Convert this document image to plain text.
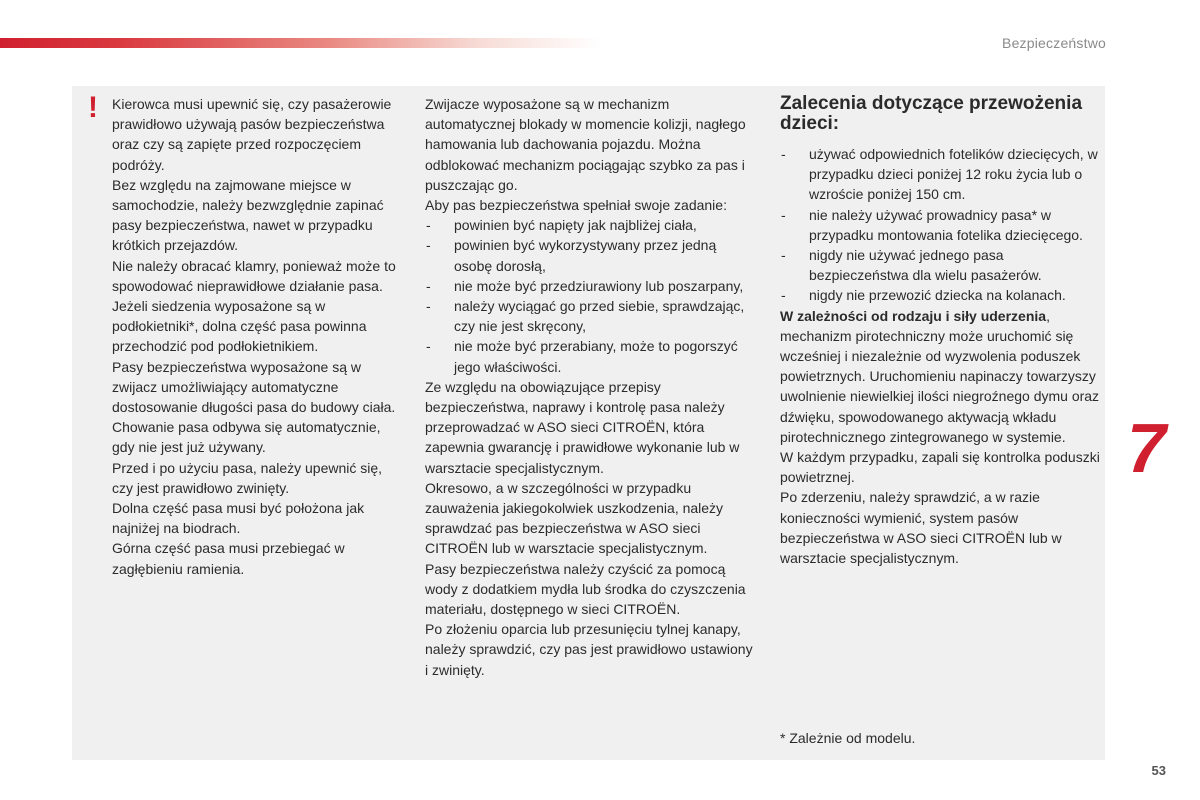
Bezpieczeństwo
! Kierowca musi upewnić się, czy pasażerowie prawidłowo używają pasów bezpieczeństwa oraz czy są zapięte przed rozpoczęciem podróży.

Bez względu na zajmowane miejsce w samochodzie, należy bezwzględnie zapinać pasy bezpieczeństwa, nawet w przypadku krótkich przejazdów.

Nie należy obracać klamry, ponieważ może to spowodować nieprawidłowe działanie pasa.

Jeżeli siedzenia wyposażone są w podłokietniki*, dolna część pasa powinna przechodzić pod podłokietnikiem.

Pasy bezpieczeństwa wyposażone są w zwijacz umożliwiający automatyczne dostosowanie długości pasa do budowy ciała. Chowanie pasa odbywa się automatycznie, gdy nie jest już używany.

Przed i po użyciu pasa, należy upewnić się, czy jest prawidłowo zwinięty.

Dolna część pasa musi być położona jak najniżej na biodrach.

Górna część pasa musi przebiegać w zagłębieniu ramienia.

Zwijacze wyposażone są w mechanizm automatycznej blokady w momencie kolizji, nagłego hamowania lub dachowania pojazdu. Można odblokować mechanizm pociągając szybko za pas i puszczając go.

Aby pas bezpieczeństwa spełniał swoje zadanie:

- powinien być napięty jak najbliżej ciała,
- powinien być wykorzystywany przez jedną osobę dorosłą,
- nie może być przedziurawiony lub poszarpany,
- należy wyciągać go przed siebie, sprawdzając, czy nie jest skręcony,
- nie może być przerabiany, może to pogorszyć jego właściwości.

Ze względu na obowiązujące przepisy bezpieczeństwa, naprawy i kontrolę pasa należy przeprowadzać w ASO sieci CITROËN, która zapewnia gwarancję i prawidłowe wykonanie lub w warsztacie specjalistycznym.

Okresowo, a w szczególności w przypadku zauważenia jakiegokolwiek uszkodzenia, należy sprawdzać pas bezpieczeństwa w ASO sieci CITROËN lub w warsztacie specjalistycznym.

Pasy bezpieczeństwa należy czyścić za pomocą wody z dodatkiem mydła lub środka do czyszczenia materiału, dostępnego w sieci CITROËN.

Po złożeniu oparcia lub przesunięciu tylnej kanapy, należy sprawdzić, czy pas jest prawidłowo ustawiony i zwinięty.

Zalecenia dotyczące przewożenia dzieci:
- używać odpowiednich fotelików dziecięcych, w przypadku dzieci poniżej 12 roku życia lub o wzroście poniżej 150 cm.
- nie należy używać prowadnicy pasa* w przypadku montowania fotelika dziecięcego.
- nigdy nie używać jednego pasa bezpieczeństwa dla wielu pasażerów.
- nigdy nie przewozić dziecka na kolanach.

W zależności od rodzaju i siły uderzenia, mechanizm pirotechniczny może uruchomić się wcześniej i niezależnie od wyzwolenia poduszek powietrznych. Uruchomieniu napinaczy towarzyszy uwolnienie niewielkiej ilości niegroźnego dymu oraz dźwięku, spowodowanego aktywacją wkładu pirotechnicznego zintegrowanego w systemie.

W każdym przypadku, zapali się kontrolka poduszki powietrznej.

Po zderzeniu, należy sprawdzić, a w razie konieczności wymienić, system pasów bezpieczeństwa w ASO sieci CITROËN lub w warsztacie specjalistycznym.

* Zależnie od modelu.
7
53
